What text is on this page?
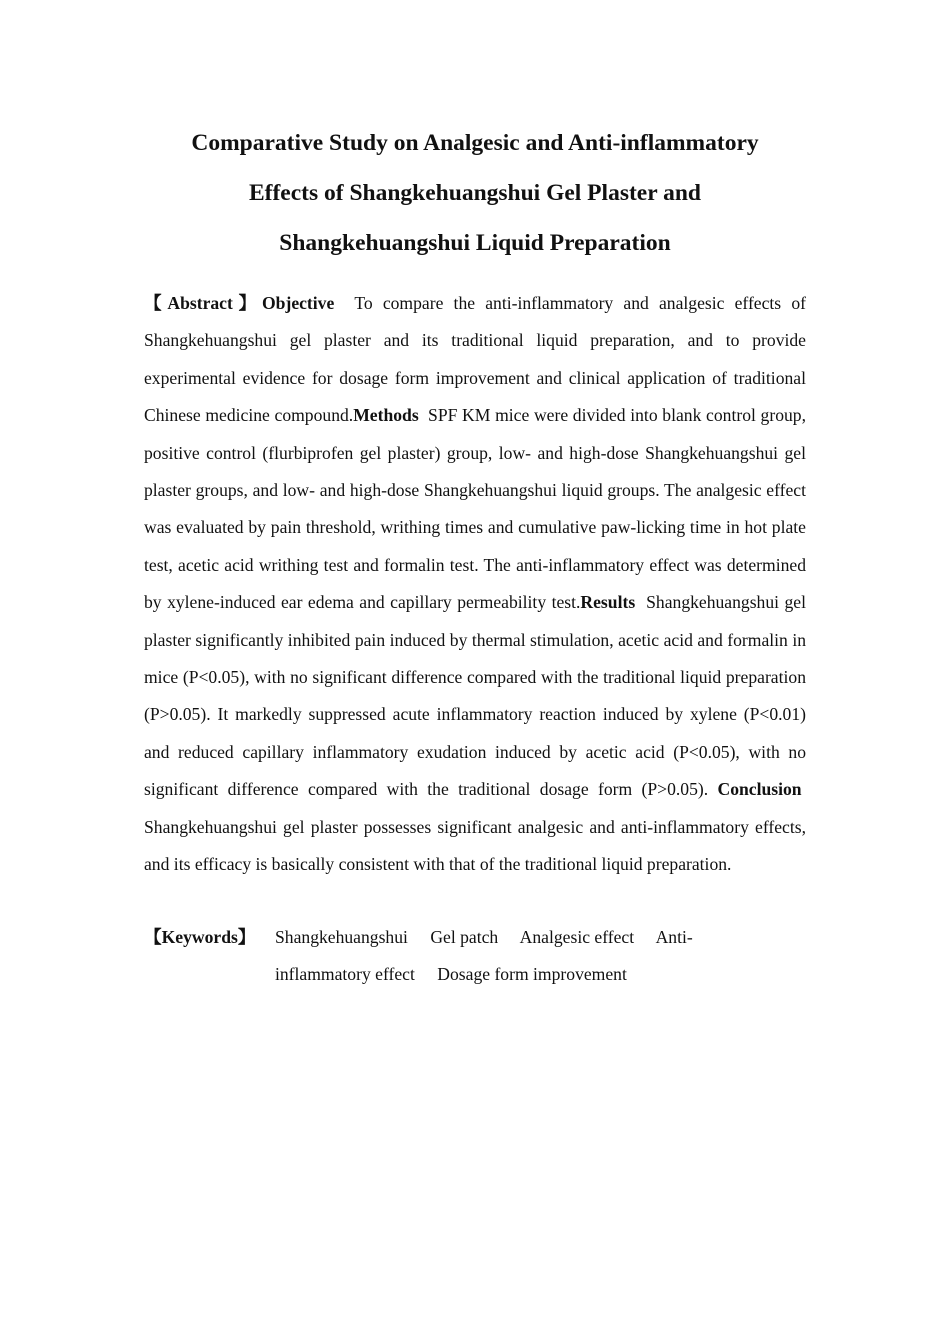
Comparative Study on Analgesic and Anti-inflammatory
Effects of Shangkehuangshui Gel Plaster and
Shangkehuangshui Liquid Preparation

【Abstract】Objective To compare the anti-inflammatory and analgesic effects of Shangkehuangshui gel plaster and its traditional liquid preparation, and to provide experimental evidence for dosage form improvement and clinical application of traditional Chinese medicine compound.Methods SPF KM mice were divided into blank control group, positive control (flurbiprofen gel plaster) group, low- and high-dose Shangkehuangshui gel plaster groups, and low- and high-dose Shangkehuangshui liquid groups. The analgesic effect was evaluated by pain threshold, writhing times and cumulative paw-licking time in hot plate test, acetic acid writhing test and formalin test. The anti-inflammatory effect was determined by xylene-induced ear edema and capillary permeability test.Results Shangkehuangshui gel plaster significantly inhibited pain induced by thermal stimulation, acetic acid and formalin in mice (P<0.05), with no significant difference compared with the traditional liquid preparation (P>0.05). It markedly suppressed acute inflammatory reaction induced by xylene (P<0.01) and reduced capillary inflammatory exudation induced by acetic acid (P<0.05), with no significant difference compared with the traditional dosage form (P>0.05). Conclusion  Shangkehuangshui gel plaster possesses significant analgesic and anti-inflammatory effects, and its efficacy is basically consistent with that of the traditional liquid preparation.

【Keywords】 Shangkehuangshui Gel patch Analgesic effect Anti-inflammatory effect Dosage form improvement
